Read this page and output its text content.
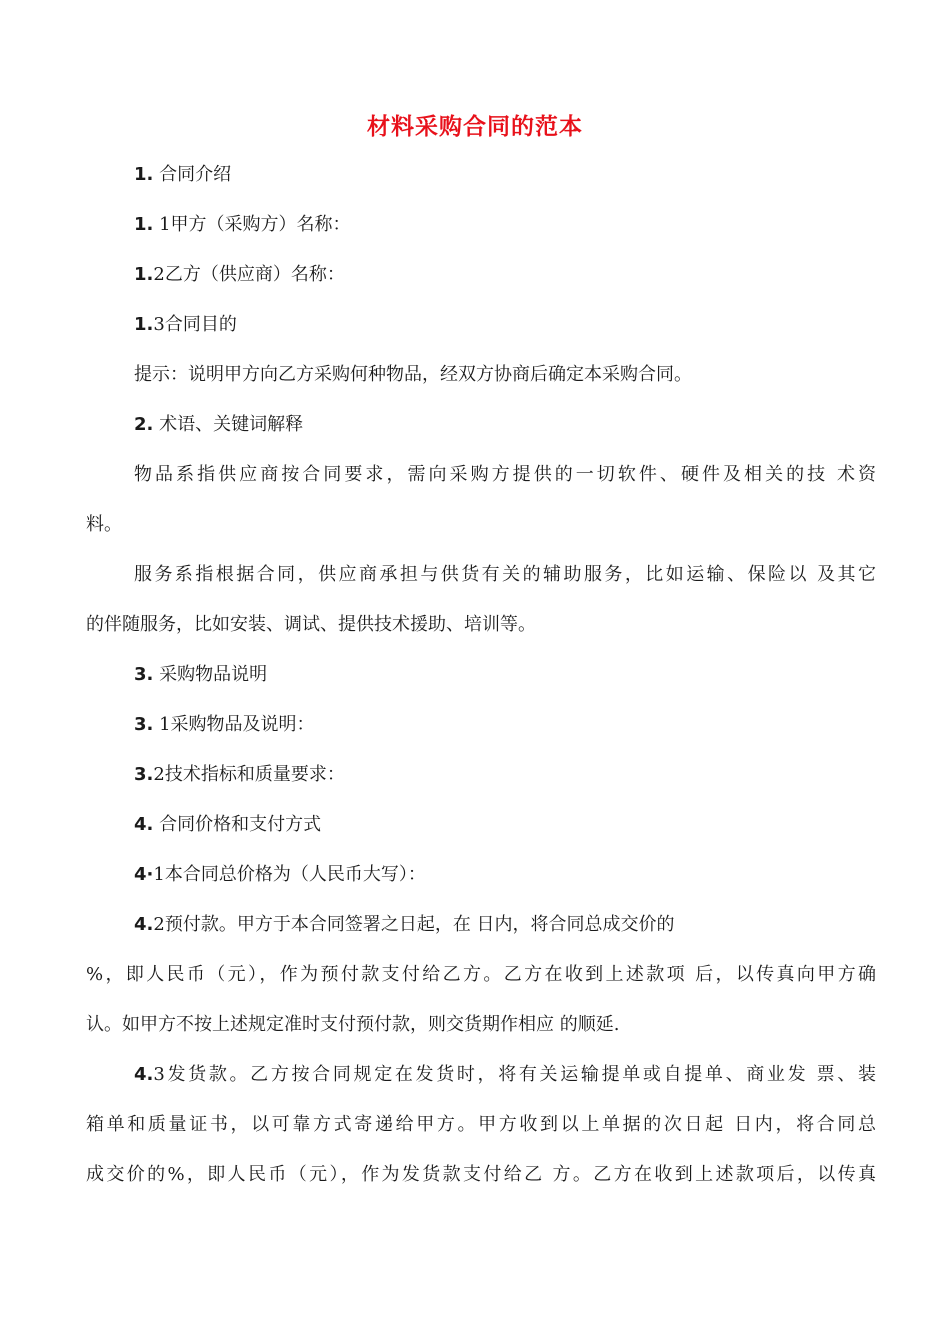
材料采购合同的范本
1. 合同介绍
1. 1甲方（采购方）名称：
1.2乙方（供应商）名称：
1.3合同目的
提示：说明甲方向乙方采购何种物品，经双方协商后确定本采购合同。
2. 术语、关键词解释
物品系指供应商按合同要求，需向采购方提供的一切软件、硬件及相关的技 术资
料。
服务系指根据合同，供应商承担与供货有关的辅助服务，比如运输、保险以 及其它
的伴随服务，比如安装、调试、提供技术援助、培训等。
3. 采购物品说明
3. 1采购物品及说明：
3.2技术指标和质量要求：
4. 合同价格和支付方式
4·1本合同总价格为（人民币大写）：
4.2预付款。甲方于本合同签署之日起，在 日内，将合同总成交价的
%，即人民币（元），作为预付款支付给乙方。乙方在收到上述款项 后，以传真向甲方确
认。如甲方不按上述规定准时支付预付款，则交货期作相应 的顺延.
4.3发货款。乙方按合同规定在发货时，将有关运输提单或自提单、商业发 票、装
箱单和质量证书，以可靠方式寄递给甲方。甲方收到以上单据的次日起 日内，将合同总
成交价的%，即人民币（元），作为发货款支付给乙 方。乙方在收到上述款项后，以传真
